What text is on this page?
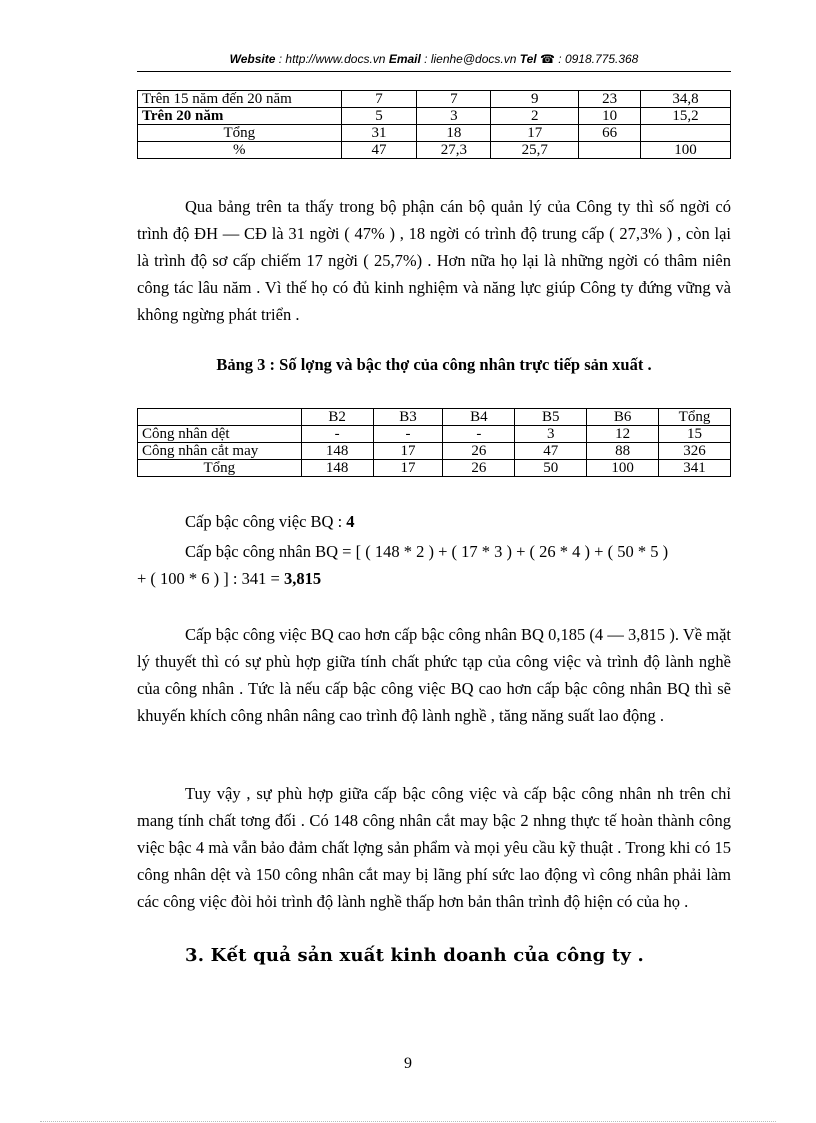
Website : http://www.docs.vn Email : lienhe@docs.vn Tel ☎ : 0918.775.368
Trên 15 năm đến 20 năm	7	7	9	23	34,8
Trên 20 năm	5	3	2	10	15,2
Tổng	31	18	17	66	
%	47	27,3	25,7		100
Qua bảng trên ta thấy trong bộ phận cán bộ quản lý của Công ty thì số ngời có trình độ ĐH — CĐ là 31 ngời ( 47% ) , 18 ngời có trình độ trung cấp ( 27,3% ) , còn lại là trình độ sơ cấp chiếm 17 ngời ( 25,7%) . Hơn nữa họ lại là những ngời có thâm niên công tác lâu năm . Vì thế họ có đủ kinh nghiệm và năng lực giúp Công ty đứng vững và không ngừng phát triển .
Bảng 3 : Số lợng và bậc thợ của công nhân trực tiếp sản xuất .
	B2	B3	B4	B5	B6	Tổng
Công nhân dệt	-	-	-	3	12	15
Công nhân cắt may	148	17	26	47	88	326
Tổng	148	17	26	50	100	341
Cấp bậc công việc BQ : 4
Cấp bậc công nhân BQ = [ ( 148 * 2 ) + ( 17 * 3 ) + ( 26 * 4 ) + ( 50 * 5 )
+ ( 100 * 6 ) ] : 341 = 3,815
Cấp bậc công việc BQ cao hơn cấp bậc công nhân BQ 0,185 (4 — 3,815 ). Về mặt lý thuyết thì có sự phù hợp giữa tính chất phức tạp của công việc và trình độ lành nghề của công nhân . Tức là nếu cấp bậc công việc BQ cao hơn cấp bậc công nhân BQ thì sẽ khuyến khích công nhân nâng cao trình độ lành nghề , tăng năng suất lao động .
Tuy vậy , sự phù hợp giữa cấp bậc công việc và cấp bậc công nhân nh trên chỉ mang tính chất tơng đối . Có 148 công nhân cắt may bậc 2 nhng thực tế hoàn thành công việc bậc 4 mà vẫn bảo đảm chất lợng sản phẩm và mọi yêu cầu kỹ thuật . Trong khi có 15 công nhân dệt và 150 công nhân cắt may bị lãng phí sức lao động vì công nhân phải làm các công việc đòi hỏi trình độ lành nghề thấp hơn bản thân trình độ hiện có của họ .
3. Kết quả sản xuất kinh doanh của công ty .
9
